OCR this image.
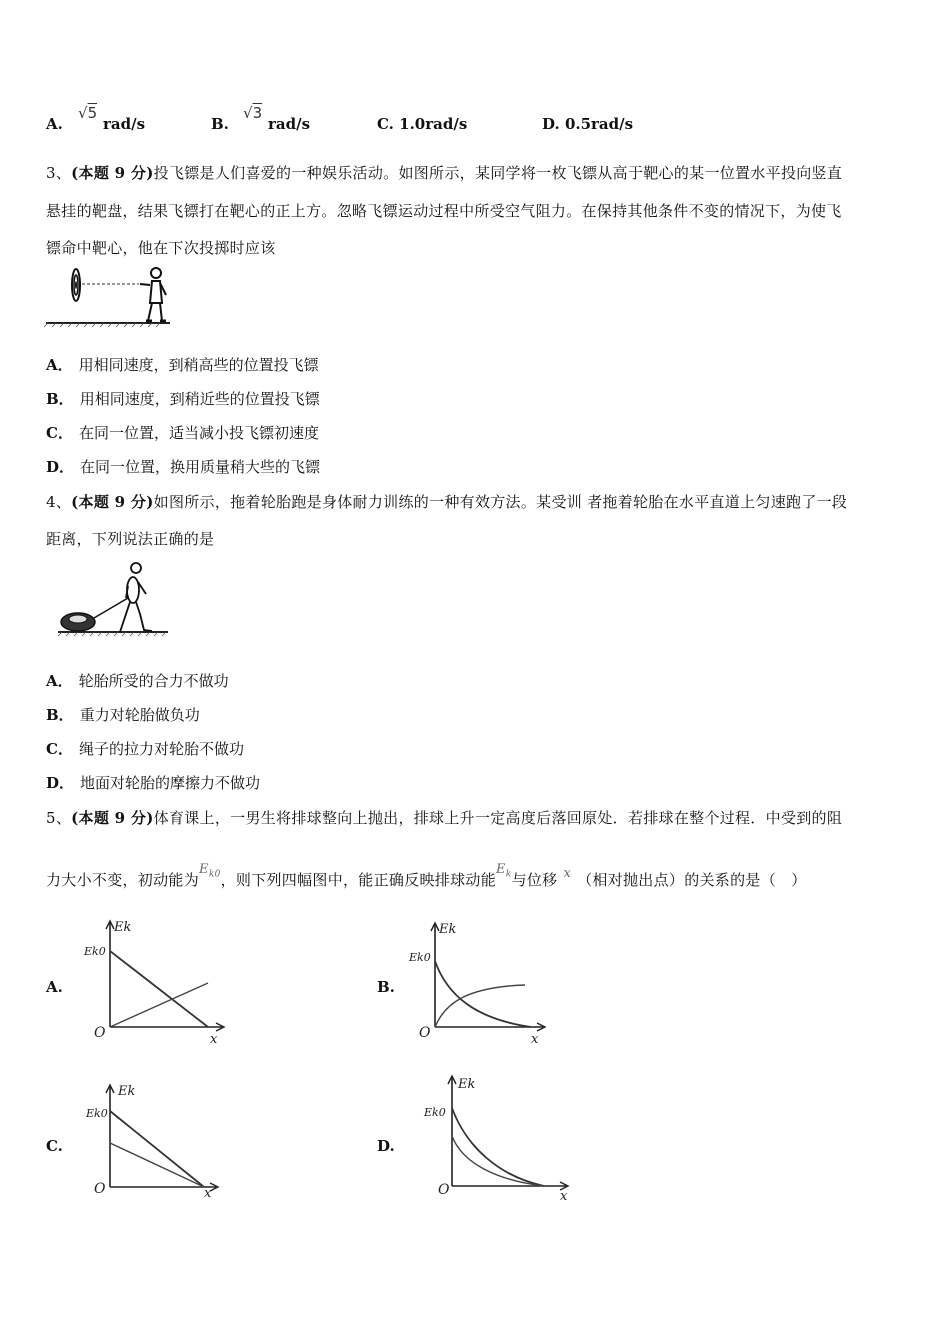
A.
√5
rad/s	B.
√3
rad/s	C. 1.0rad/s	D. 0.5rad/s
3、(本题 9 分)投飞镖是人们喜爱的一种娱乐活动。如图所示，某同学将一枚飞镖从高于靶心的某一位置水平投向竖直
悬挂的靶盘，结果飞镖打在靶心的正上方。忽略飞镖运动过程中所受空气阻力。在保持其他条件不变的情况下，为使飞
镖命中靶心，他在下次投掷时应该
A． 用相同速度，到稍高些的位置投飞镖
B． 用相同速度，到稍近些的位置投飞镖
C． 在同一位置，适当减小投飞镖初速度
D． 在同一位置，换用质量稍大些的飞镖
4、(本题 9 分)如图所示，拖着轮胎跑是身体耐力训练的一种有效方法。某受训 者拖着轮胎在水平直道上匀速跑了一段
距离，下列说法正确的是
A． 轮胎所受的合力不做功
B． 重力对轮胎做负功
C． 绳子的拉力对轮胎不做功
D． 地面对轮胎的摩擦力不做功
5、(本题 9 分)体育课上，一男生将排球整向上抛出，排球上升一定高度后落回原处．若排球在整个过程．中受到的阻
力大小不变，初动能为$E_{k0}$，则下列四幅图中，能正确反映排球动能$E_k$与位移 x （相对抛出点）的关系的是（　）
A.	B.
C.	D.
Ek
Ek0
O	x
Ek
Ek0
O	x
Ek
Ek0
O	x
Ek
Ek0
O	x
